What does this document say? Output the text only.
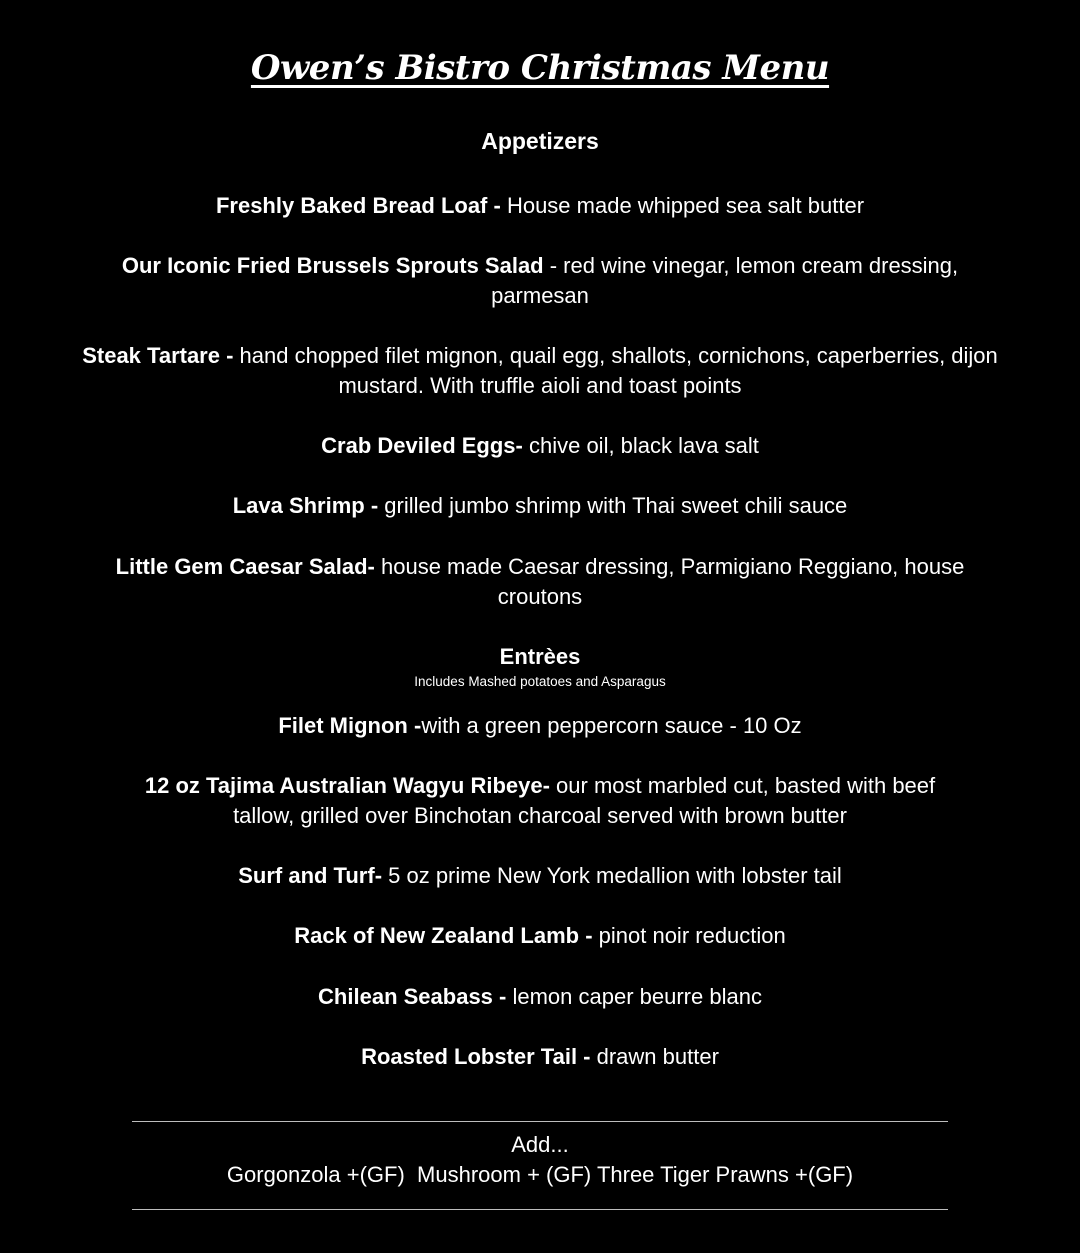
Owen’s Bistro Christmas Menu
Appetizers
Freshly Baked Bread Loaf - House made whipped sea salt butter
Our Iconic Fried Brussels Sprouts Salad - red wine vinegar, lemon cream dressing, parmesan
Steak Tartare - hand chopped filet mignon, quail egg, shallots, cornichons, caperberries, dijon mustard. With truffle aioli and toast points
Crab Deviled Eggs- chive oil, black lava salt
Lava Shrimp - grilled jumbo shrimp with Thai sweet chili sauce
Little Gem Caesar Salad- house made Caesar dressing, Parmigiano Reggiano, house croutons
Entrèes
Includes Mashed potatoes and Asparagus
Filet Mignon -with a green peppercorn sauce - 10 Oz
12 oz Tajima Australian Wagyu Ribeye- our most marbled cut, basted with beef tallow, grilled over Binchotan charcoal served with brown butter
Surf and Turf- 5 oz prime New York medallion with lobster tail
Rack of New Zealand Lamb - pinot noir reduction
Chilean Seabass - lemon caper beurre blanc
Roasted Lobster Tail - drawn butter
Add...
Gorgonzola +(GF)  Mushroom + (GF) Three Tiger Prawns +(GF)
